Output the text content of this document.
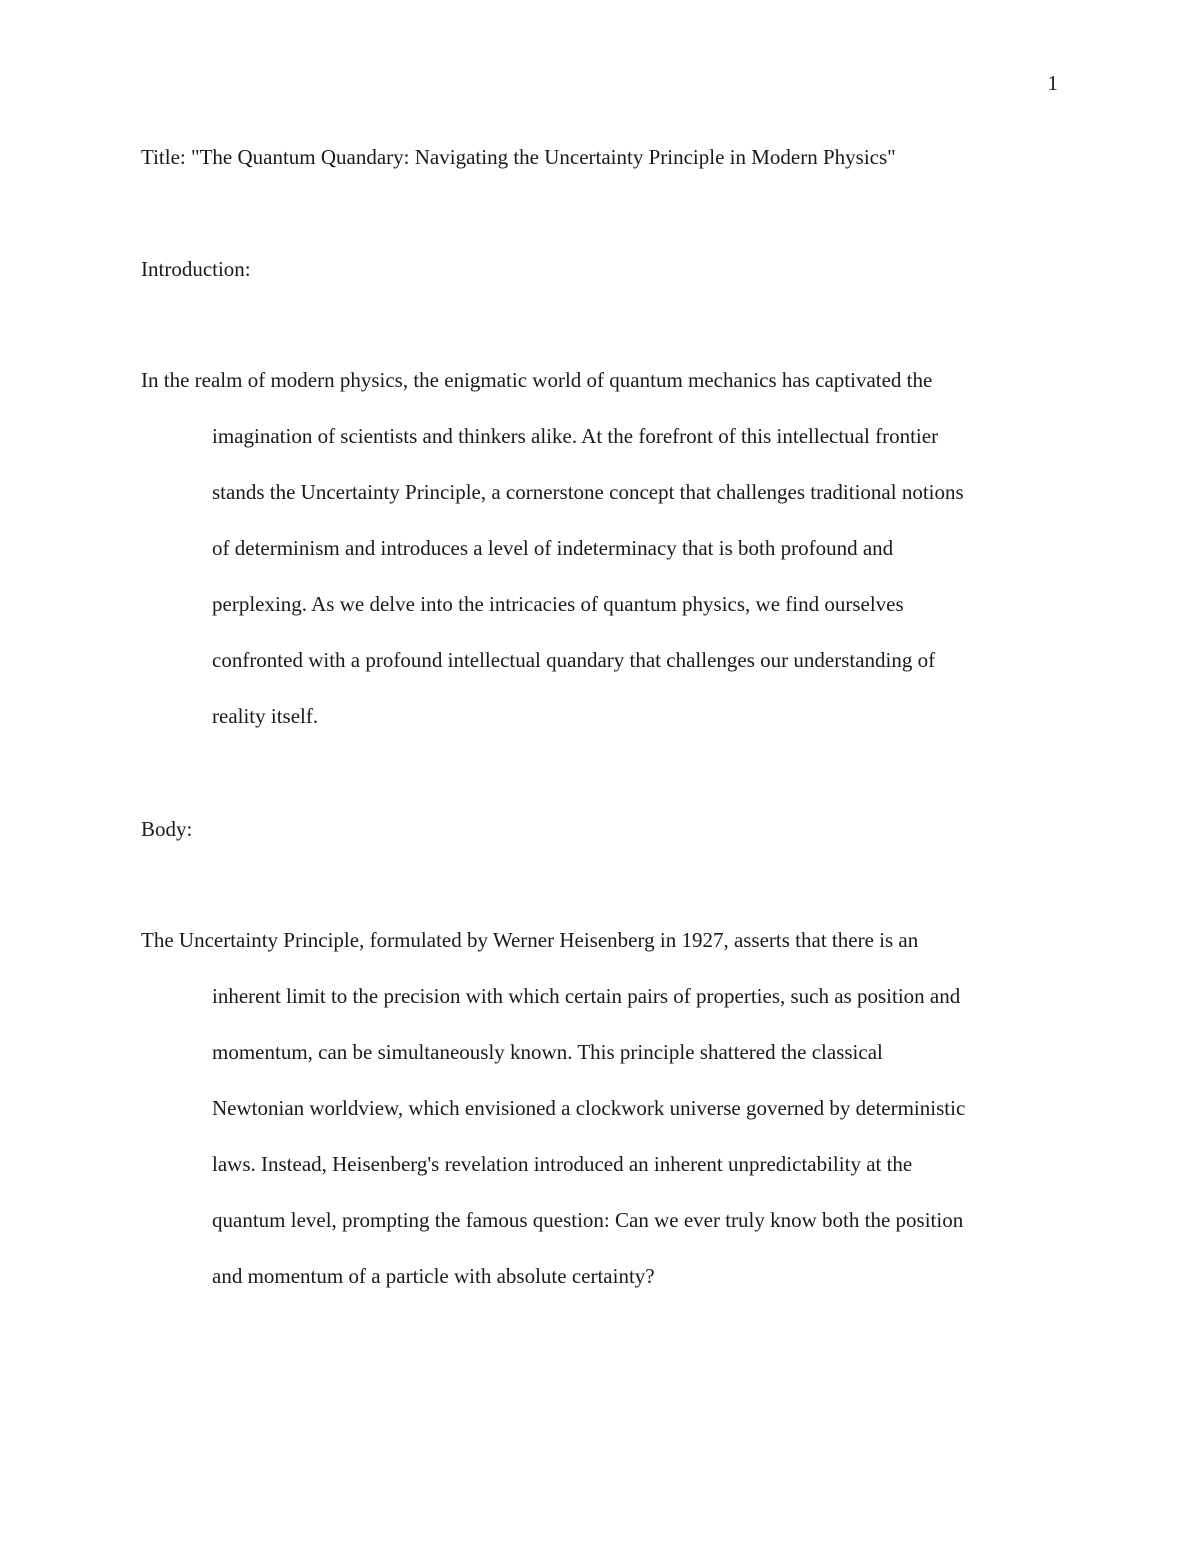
1
Title: "The Quantum Quandary: Navigating the Uncertainty Principle in Modern Physics"
Introduction:
In the realm of modern physics, the enigmatic world of quantum mechanics has captivated the
imagination of scientists and thinkers alike. At the forefront of this intellectual frontier
stands the Uncertainty Principle, a cornerstone concept that challenges traditional notions
of determinism and introduces a level of indeterminacy that is both profound and
perplexing. As we delve into the intricacies of quantum physics, we find ourselves
confronted with a profound intellectual quandary that challenges our understanding of
reality itself.
Body:
The Uncertainty Principle, formulated by Werner Heisenberg in 1927, asserts that there is an
inherent limit to the precision with which certain pairs of properties, such as position and
momentum, can be simultaneously known. This principle shattered the classical
Newtonian worldview, which envisioned a clockwork universe governed by deterministic
laws. Instead, Heisenberg's revelation introduced an inherent unpredictability at the
quantum level, prompting the famous question: Can we ever truly know both the position
and momentum of a particle with absolute certainty?
